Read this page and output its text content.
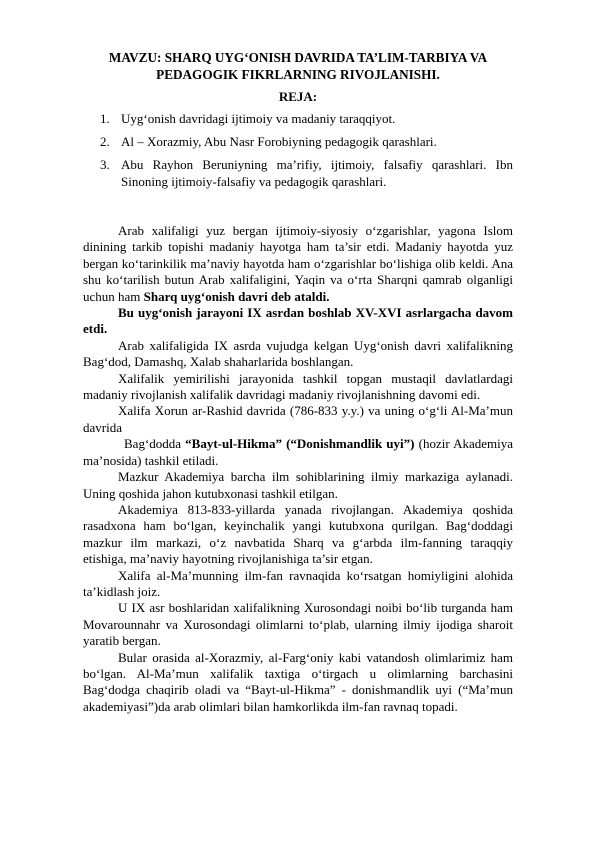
MAVZU: SHARQ UYG‘ONISH DAVRIDA TA’LIM-TARBIYA VA
PEDAGOGIK FIKRLARNING RIVOJLANISHI.

REJA:

1. Uyg‘onish davridagi ijtimoiy va madaniy taraqqiyot.
2. Al – Xorazmiy, Abu Nasr Forobiyning pedagogik qarashlari.
3. Abu Rayhon Beruniyning ma’rifiy, ijtimoiy, falsafiy qarashlari. Ibn Sinoning ijtimoiy-falsafiy va pedagogik qarashlari.

Arab xalifaligi yuz bergan ijtimoiy-siyosiy o‘zgarishlar, yagona Islom dinining tarkib topishi madaniy hayotga ham ta’sir etdi. Madaniy hayotda yuz bergan ko‘tarinkilik ma’naviy hayotda ham o‘zgarishlar bo‘lishiga olib keldi. Ana shu ko‘tarilish butun Arab xalifaligini, Yaqin va o‘rta Sharqni qamrab olganligi uchun ham Sharq uyg‘onish davri deb ataldi.

Bu uyg‘onish jarayoni IX asrdan boshlab XV-XVI asrlargacha davom etdi.

Arab xalifaligida IX asrda vujudga kelgan Uyg‘onish davri xalifalikning Bag‘dod, Damashq, Xalab shaharlarida boshlangan.

Xalifalik yemirilishi jarayonida tashkil topgan mustaqil davlatlardagi madaniy rivojlanish xalifalik davridagi madaniy rivojlanishning davomi edi.

Xalifa Xorun ar-Rashid davrida (786-833 y.y.) va uning o‘g‘li Al-Ma’mun davrida

Bag‘dodda “Bayt-ul-Hikma” (“Donishmandlik uyi”) (hozir Akademiya ma’nosida) tashkil etiladi.

Mazkur Akademiya barcha ilm sohiblarining ilmiy markaziga aylanadi. Uning qoshida jahon kutubxonasi tashkil etilgan.

Akademiya 813-833-yillarda yanada rivojlangan. Akademiya qoshida rasadxona ham bo‘lgan, keyinchalik yangi kutubxona qurilgan. Bag‘doddagi mazkur ilm markazi, o‘z navbatida Sharq va g‘arbda ilm-fanning taraqqiy etishiga, ma’naviy hayotning rivojlanishiga ta’sir etgan.

Xalifa al-Ma’munning ilm-fan ravnaqida ko‘rsatgan homiyligini alohida ta’kidlash joiz.

U IX asr boshlaridan xalifalikning Xurosondagi noibi bo‘lib turganda ham Movarounnahr va Xurosondagi olimlarni to‘plab, ularning ilmiy ijodiga sharoit yaratib bergan.

Bular orasida al-Xorazmiy, al-Farg‘oniy kabi vatandosh olimlarimiz ham bo‘lgan. Al-Ma’mun xalifalik taxtiga o‘tirgach u olimlarning barchasini Bag‘dodga chaqirib oladi va “Bayt-ul-Hikma” - donishmandlik uyi (“Ma’mun akademiyasi”)da arab olimlari bilan hamkorlikda ilm-fan ravnaq topadi.
